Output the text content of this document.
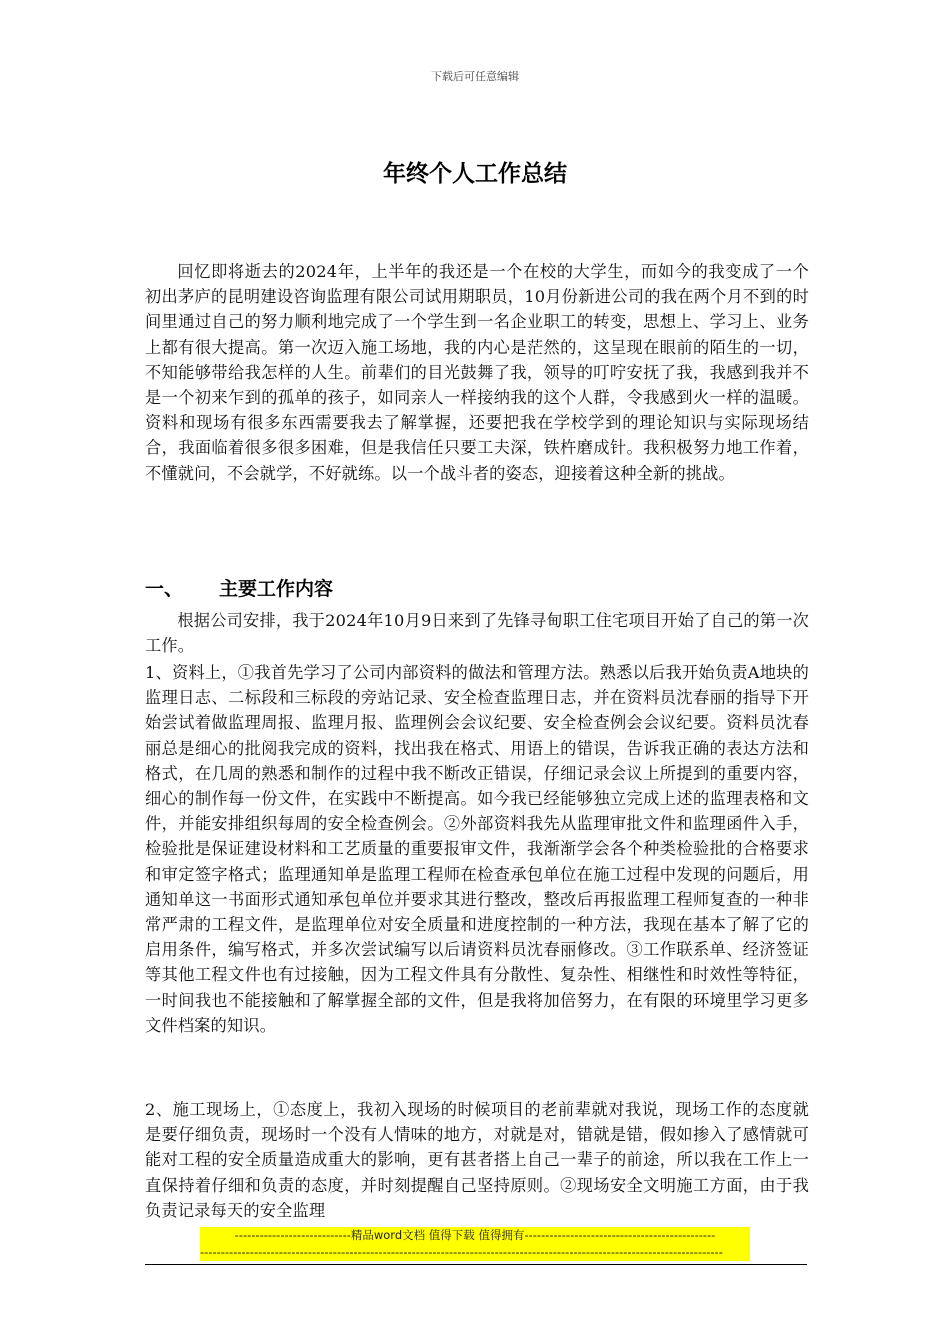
下载后可任意编辑
年终个人工作总结

回忆即将逝去的2024年，上半年的我还是一个在校的大学生，而如今的我变成了一个初出茅庐的昆明建设咨询监理有限公司试用期职员，10月份新进公司的我在两个月不到的时间里通过自己的努力顺利地完成了一个学生到一名企业职工的转变，思想上、学习上、业务上都有很大提高。第一次迈入施工场地，我的内心是茫然的，这呈现在眼前的陌生的一切，不知能够带给我怎样的人生。前辈们的目光鼓舞了我，领导的叮咛安抚了我，我感到我并不是一个初来乍到的孤单的孩子，如同亲人一样接纳我的这个人群，令我感到火一样的温暖。资料和现场有很多东西需要我去了解掌握，还要把我在学校学到的理论知识与实际现场结合，我面临着很多很多困难，但是我信任只要工夫深，铁杵磨成针。我积极努力地工作着，不懂就问，不会就学，不好就练。以一个战斗者的姿态，迎接着这种全新的挑战。

一、 主要工作内容

根据公司安排，我于2024年10月9日来到了先锋寻甸职工住宅项目开始了自己的第一次工作。

1、资料上，①我首先学习了公司内部资料的做法和管理方法。熟悉以后我开始负责A地块的监理日志、二标段和三标段的旁站记录、安全检查监理日志，并在资料员沈春丽的指导下开始尝试着做监理周报、监理月报、监理例会会议纪要、安全检查例会会议纪要。资料员沈春丽总是细心的批阅我完成的资料，找出我在格式、用语上的错误，告诉我正确的表达方法和格式，在几周的熟悉和制作的过程中我不断改正错误，仔细记录会议上所提到的重要内容，细心的制作每一份文件，在实践中不断提高。如今我已经能够独立完成上述的监理表格和文件，并能安排组织每周的安全检查例会。②外部资料我先从监理审批文件和监理函件入手，检验批是保证建设材料和工艺质量的重要报审文件，我渐渐学会各个种类检验批的合格要求和审定签字格式；监理通知单是监理工程师在检查承包单位在施工过程中发现的问题后，用通知单这一书面形式通知承包单位并要求其进行整改，整改后再报监理工程师复查的一种非常严肃的工程文件，是监理单位对安全质量和进度控制的一种方法，我现在基本了解了它的启用条件，编写格式，并多次尝试编写以后请资料员沈春丽修改。③工作联系单、经济签证等其他工程文件也有过接触，因为工程文件具有分散性、复杂性、相继性和时效性等特征，一时间我也不能接触和了解掌握全部的文件，但是我将加倍努力，在有限的环境里学习更多文件档案的知识。

2、施工现场上，①态度上，我初入现场的时候项目的老前辈就对我说，现场工作的态度就是要仔细负责，现场时一个没有人情味的地方，对就是对，错就是错，假如掺入了感情就可能对工程的安全质量造成重大的影响，更有甚者搭上自己一辈子的前途，所以我在工作上一直保持着仔细和负责的态度，并时刻提醒自己坚持原则。②现场安全文明施工方面，由于我负责记录每天的安全监理

----------------------------精品word文档 值得下载 值得拥有----------------------------------------------
------------------------------------------------------------------------------------------------------------------------------
